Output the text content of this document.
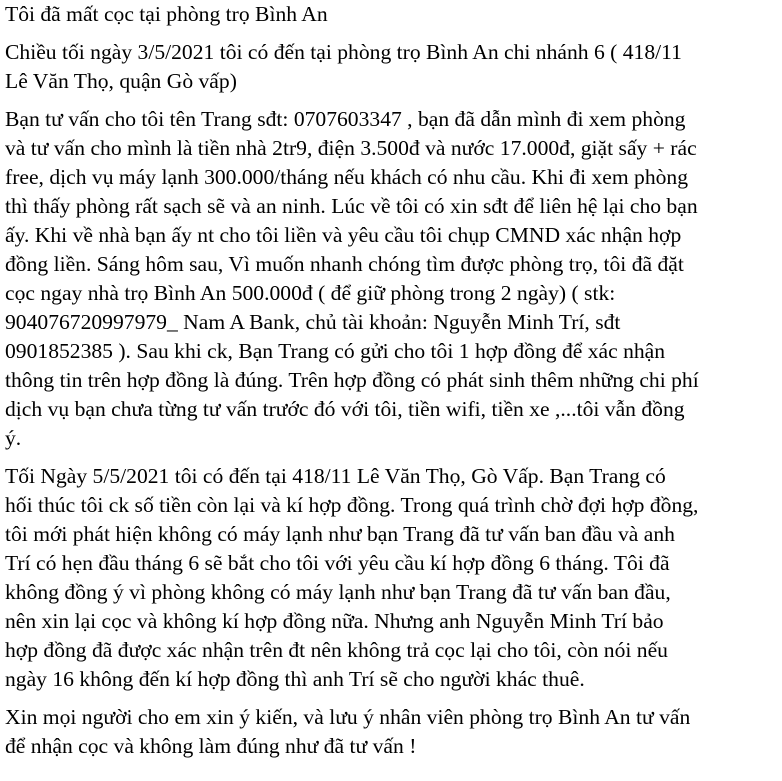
Tôi đã mất cọc tại phòng trọ Bình An
Chiều tối ngày 3/5/2021 tôi có đến tại phòng trọ Bình An chi nhánh 6 ( 418/11
Lê Văn Thọ, quận Gò vấp)
Bạn tư vấn cho tôi tên Trang sđt: 0707603347 , bạn đã dẫn mình đi xem phòng
và tư vấn cho mình là tiền nhà 2tr9, điện 3.500đ và nước 17.000đ, giặt sấy + rác
free, dịch vụ máy lạnh 300.000/tháng nếu khách có nhu cầu. Khi đi xem phòng
thì thấy phòng rất sạch sẽ và an ninh. Lúc về tôi có xin sđt để liên hệ lại cho bạn
ấy. Khi về nhà bạn ấy nt cho tôi liền và yêu cầu tôi chụp CMND xác nhận hợp
đồng liền. Sáng hôm sau, Vì muốn nhanh chóng tìm được phòng trọ, tôi đã đặt
cọc ngay nhà trọ Bình An 500.000đ ( để giữ phòng trong 2 ngày) ( stk:
904076720997979_ Nam A Bank, chủ tài khoản: Nguyễn Minh Trí, sđt
0901852385 ). Sau khi ck, Bạn Trang có gửi cho tôi 1 hợp đồng để xác nhận
thông tin trên hợp đồng là đúng. Trên hợp đồng có phát sinh thêm những chi phí
dịch vụ bạn chưa từng tư vấn trước đó với tôi, tiền wifi, tiền xe ,...tôi vẫn đồng
ý.
Tối Ngày 5/5/2021 tôi có đến tại 418/11 Lê Văn Thọ, Gò Vấp. Bạn Trang có
hối thúc tôi ck số tiền còn lại và kí hợp đồng. Trong quá trình chờ đợi hợp đồng,
tôi mới phát hiện không có máy lạnh như bạn Trang đã tư vấn ban đầu và anh
Trí có hẹn đầu tháng 6 sẽ bắt cho tôi với yêu cầu kí hợp đồng 6 tháng. Tôi đã
không đồng ý vì phòng không có máy lạnh như bạn Trang đã tư vấn ban đầu,
nên xin lại cọc và không kí hợp đồng nữa. Nhưng anh Nguyễn Minh Trí bảo
hợp đồng đã được xác nhận trên đt nên không trả cọc lại cho tôi, còn nói nếu
ngày 16 không đến kí hợp đồng thì anh Trí sẽ cho người khác thuê.
Xin mọi người cho em xin ý kiến, và lưu ý nhân viên phòng trọ Bình An tư vấn
để nhận cọc và không làm đúng như đã tư vấn !
